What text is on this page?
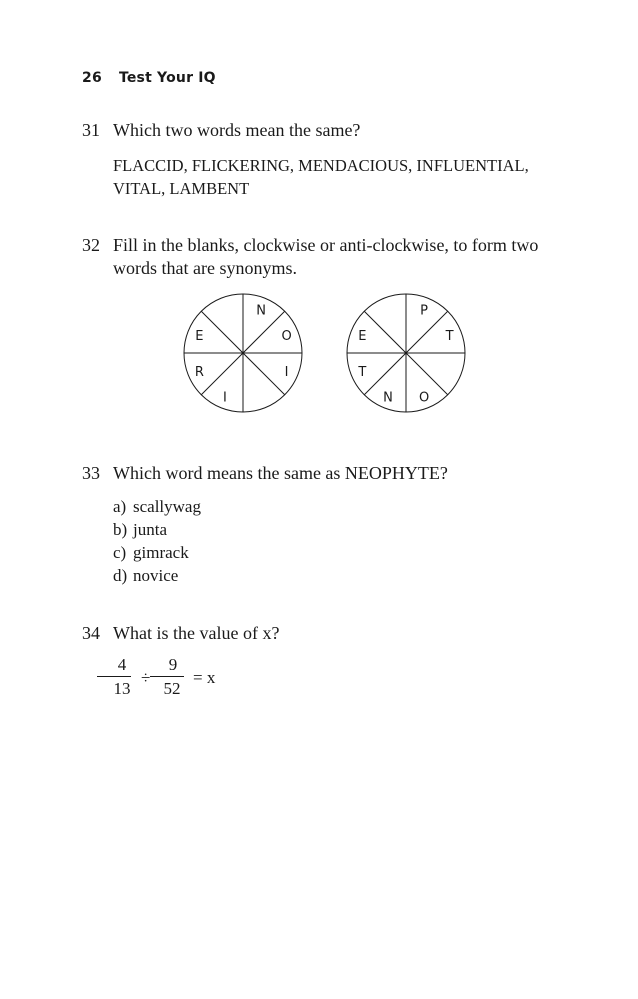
26 Test Your IQ
31 Which two words mean the same?
FLACCID, FLICKERING, MENDACIOUS, INFLUENTIAL,
VITAL, LAMBENT
32 Fill in the blanks, clockwise or anti-clockwise, to form two
words that are synonyms.
N
O
I
I
R
E
P
T
O
N
T
E
33 Which word means the same as NEOPHYTE?
a) scallywag
b) junta
c) gimrack
d) novice
34 What is the value of x?
4
13
÷
9
52
= x
